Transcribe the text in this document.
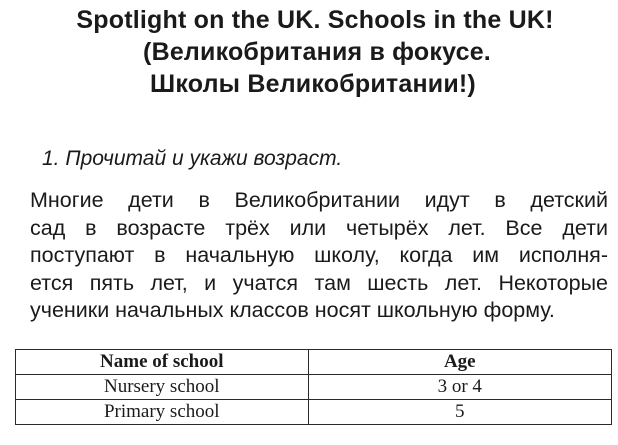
Spotlight on the UK. Schools in the UK!
(Великобритания в фокусе.
Школы Великобритании!)

1. Прочитай и укажи возраст.

Многие дети в Великобритании идут в детский
сад в возрасте трёх или четырёх лет. Все дети
поступают в начальную школу, когда им исполня-
ется пять лет, и учатся там шесть лет. Некоторые
ученики начальных классов носят школьную форму.
Name of school	Age
Nursery school	3 or 4
Primary school	5
